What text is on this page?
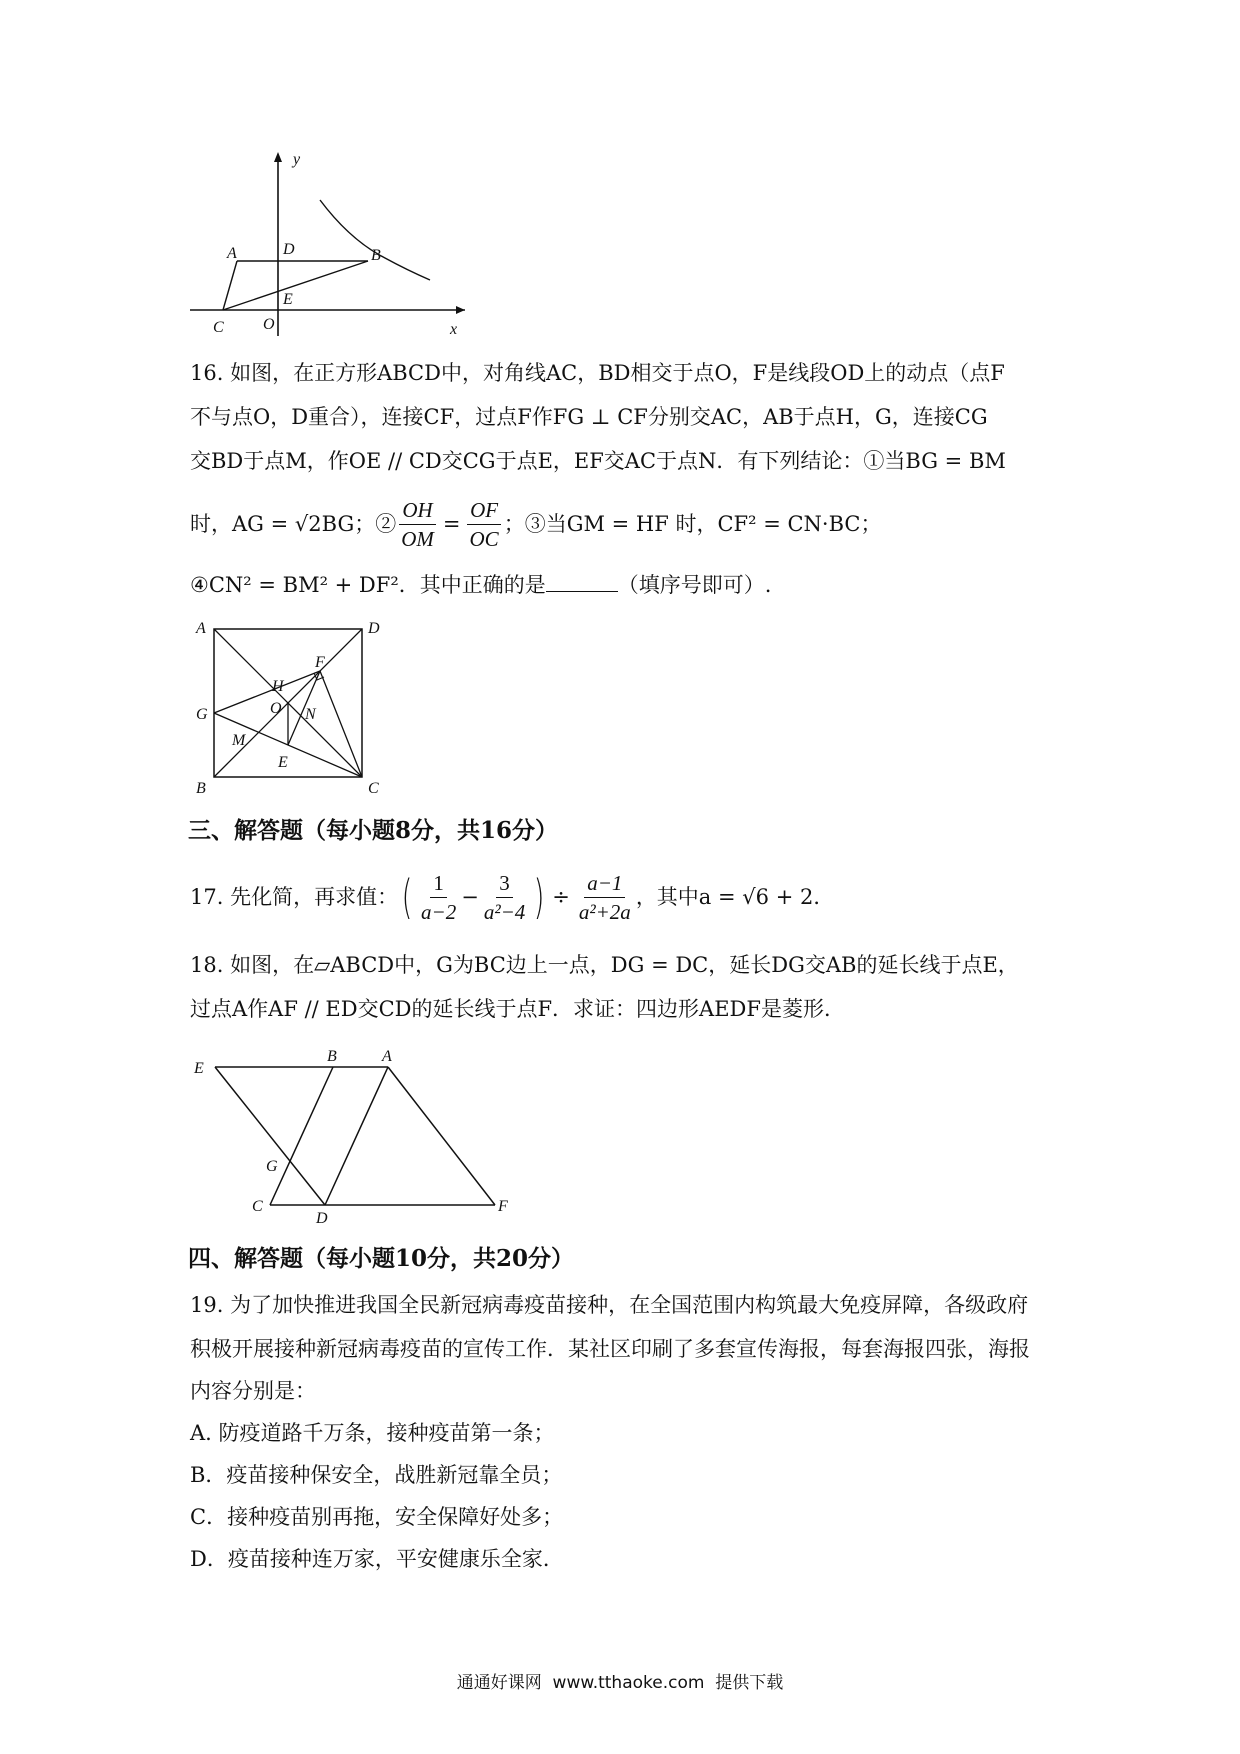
y
x
A	B
C
D
E
O
16. 如图，在正方形ABCD中，对角线AC，BD相交于点O，F是线段OD上的动点（点F
不与点O，D重合），连接CF，过点F作FG ⊥ CF分别交AC，AB于点H，G，连接CG
交BD于点M，作OE // CD交CG于点E，EF交AC于点N．有下列结论：①当BG = BM
时，AG = √2BG；② $\frac{OH}{OM} = \frac{OF}{OC}$ ；③当GM = HF 时，CF² = CN·BC；
④CN² = BM² + DF²．其中正确的是	（填序号即可）.
A	D
F
H
O
G	N
M
E
B	C
三、解答题（每小题8分，共16分）
17. 先化简，再求值： ( $\frac{1}{a-2} - \frac{3}{\text{a²−4}}$ ) ÷ $\frac{a-1}{\text{a²+2a}}$ ，其中a = √6 + 2．
18. 如图，在▱ABCD中，G为BC边上一点，DG = DC，延长DG交AB的延长线于点E，
过点A作AF // ED交CD的延长线于点F．求证：四边形AEDF是菱形．
E
B	A
G
C
D
F
四、解答题（每小题10分，共20分）
19. 为了加快推进我国全民新冠病毒疫苗接种，在全国范围内构筑最大免疫屏障，各级政府
积极开展接种新冠病毒疫苗的宣传工作．某社区印刷了多套宣传海报，每套海报四张，海报
内容分别是：
A. 防疫道路千万条，接种疫苗第一条；
B．疫苗接种保安全，战胜新冠靠全员；
C．接种疫苗别再拖，安全保障好处多；
D．疫苗接种连万家，平安健康乐全家．
通通好课网  www.tthaoke.com  提供下载
